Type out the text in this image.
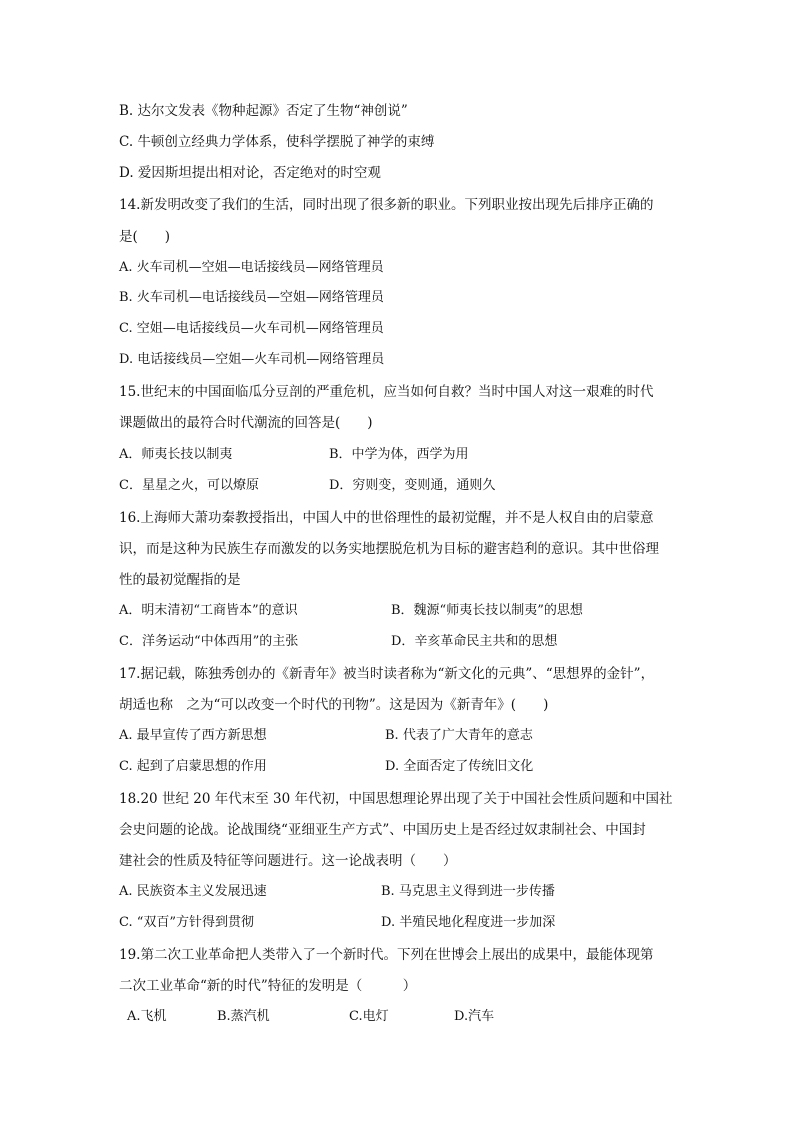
B. 达尔文发表《物种起源》否定了生物“神创说”
C. 牛顿创立经典力学体系，使科学摆脱了神学的束缚
D. 爱因斯坦提出相对论，否定绝对的时空观
14.新发明改变了我们的生活，同时出现了很多新的职业。下列职业按出现先后排序正确的
是(　　)
A. 火车司机—空姐—电话接线员—网络管理员
B. 火车司机—电话接线员—空姐—网络管理员
C. 空姐—电话接线员—火车司机—网络管理员
D. 电话接线员—空姐—火车司机—网络管理员
15.世纪末的中国面临瓜分豆剖的严重危机，应当如何自救？当时中国人对这一艰难的时代
课题做出的最符合时代潮流的回答是(　　)
A．师夷长技以制夷	B．中学为体，西学为用
C．星星之火，可以燎原	D．穷则变，变则通，通则久
16.上海师大萧功秦教授指出，中国人中的世俗理性的最初觉醒，并不是人权自由的启蒙意
识，而是这种为民族生存而激发的以务实地摆脱危机为目标的避害趋利的意识。其中世俗理
性的最初觉醒指的是
A．明末清初“工商皆本”的意识	B．魏源“师夷长技以制夷”的思想
C．洋务运动“中体西用”的主张	D．辛亥革命民主共和的思想
17.据记载，陈独秀创办的《新青年》被当时读者称为“新文化的元典”、“思想界的金针”，
胡适也称　之为“可以改变一个时代的刊物”。这是因为《新青年》(　　)
A. 最早宣传了西方新思想	B. 代表了广大青年的意志
C. 起到了启蒙思想的作用	D. 全面否定了传统旧文化
18.20 世纪 20 年代末至 30 年代初，中国思想理论界出现了关于中国社会性质问题和中国社
会史问题的论战。论战围绕“亚细亚生产方式”、中国历史上是否经过奴隶制社会、中国封
建社会的性质及特征等问题进行。这一论战表明（　　）
A. 民族资本主义发展迅速	B. 马克思主义得到进一步传播
C. “双百”方针得到贯彻	D. 半殖民地化程度进一步加深
19.第二次工业革命把人类带入了一个新时代。下列在世博会上展出的成果中，最能体现第
二次工业革命“新的时代”特征的发明是（　　　）
A.飞机	B.蒸汽机	C.电灯	D.汽车
